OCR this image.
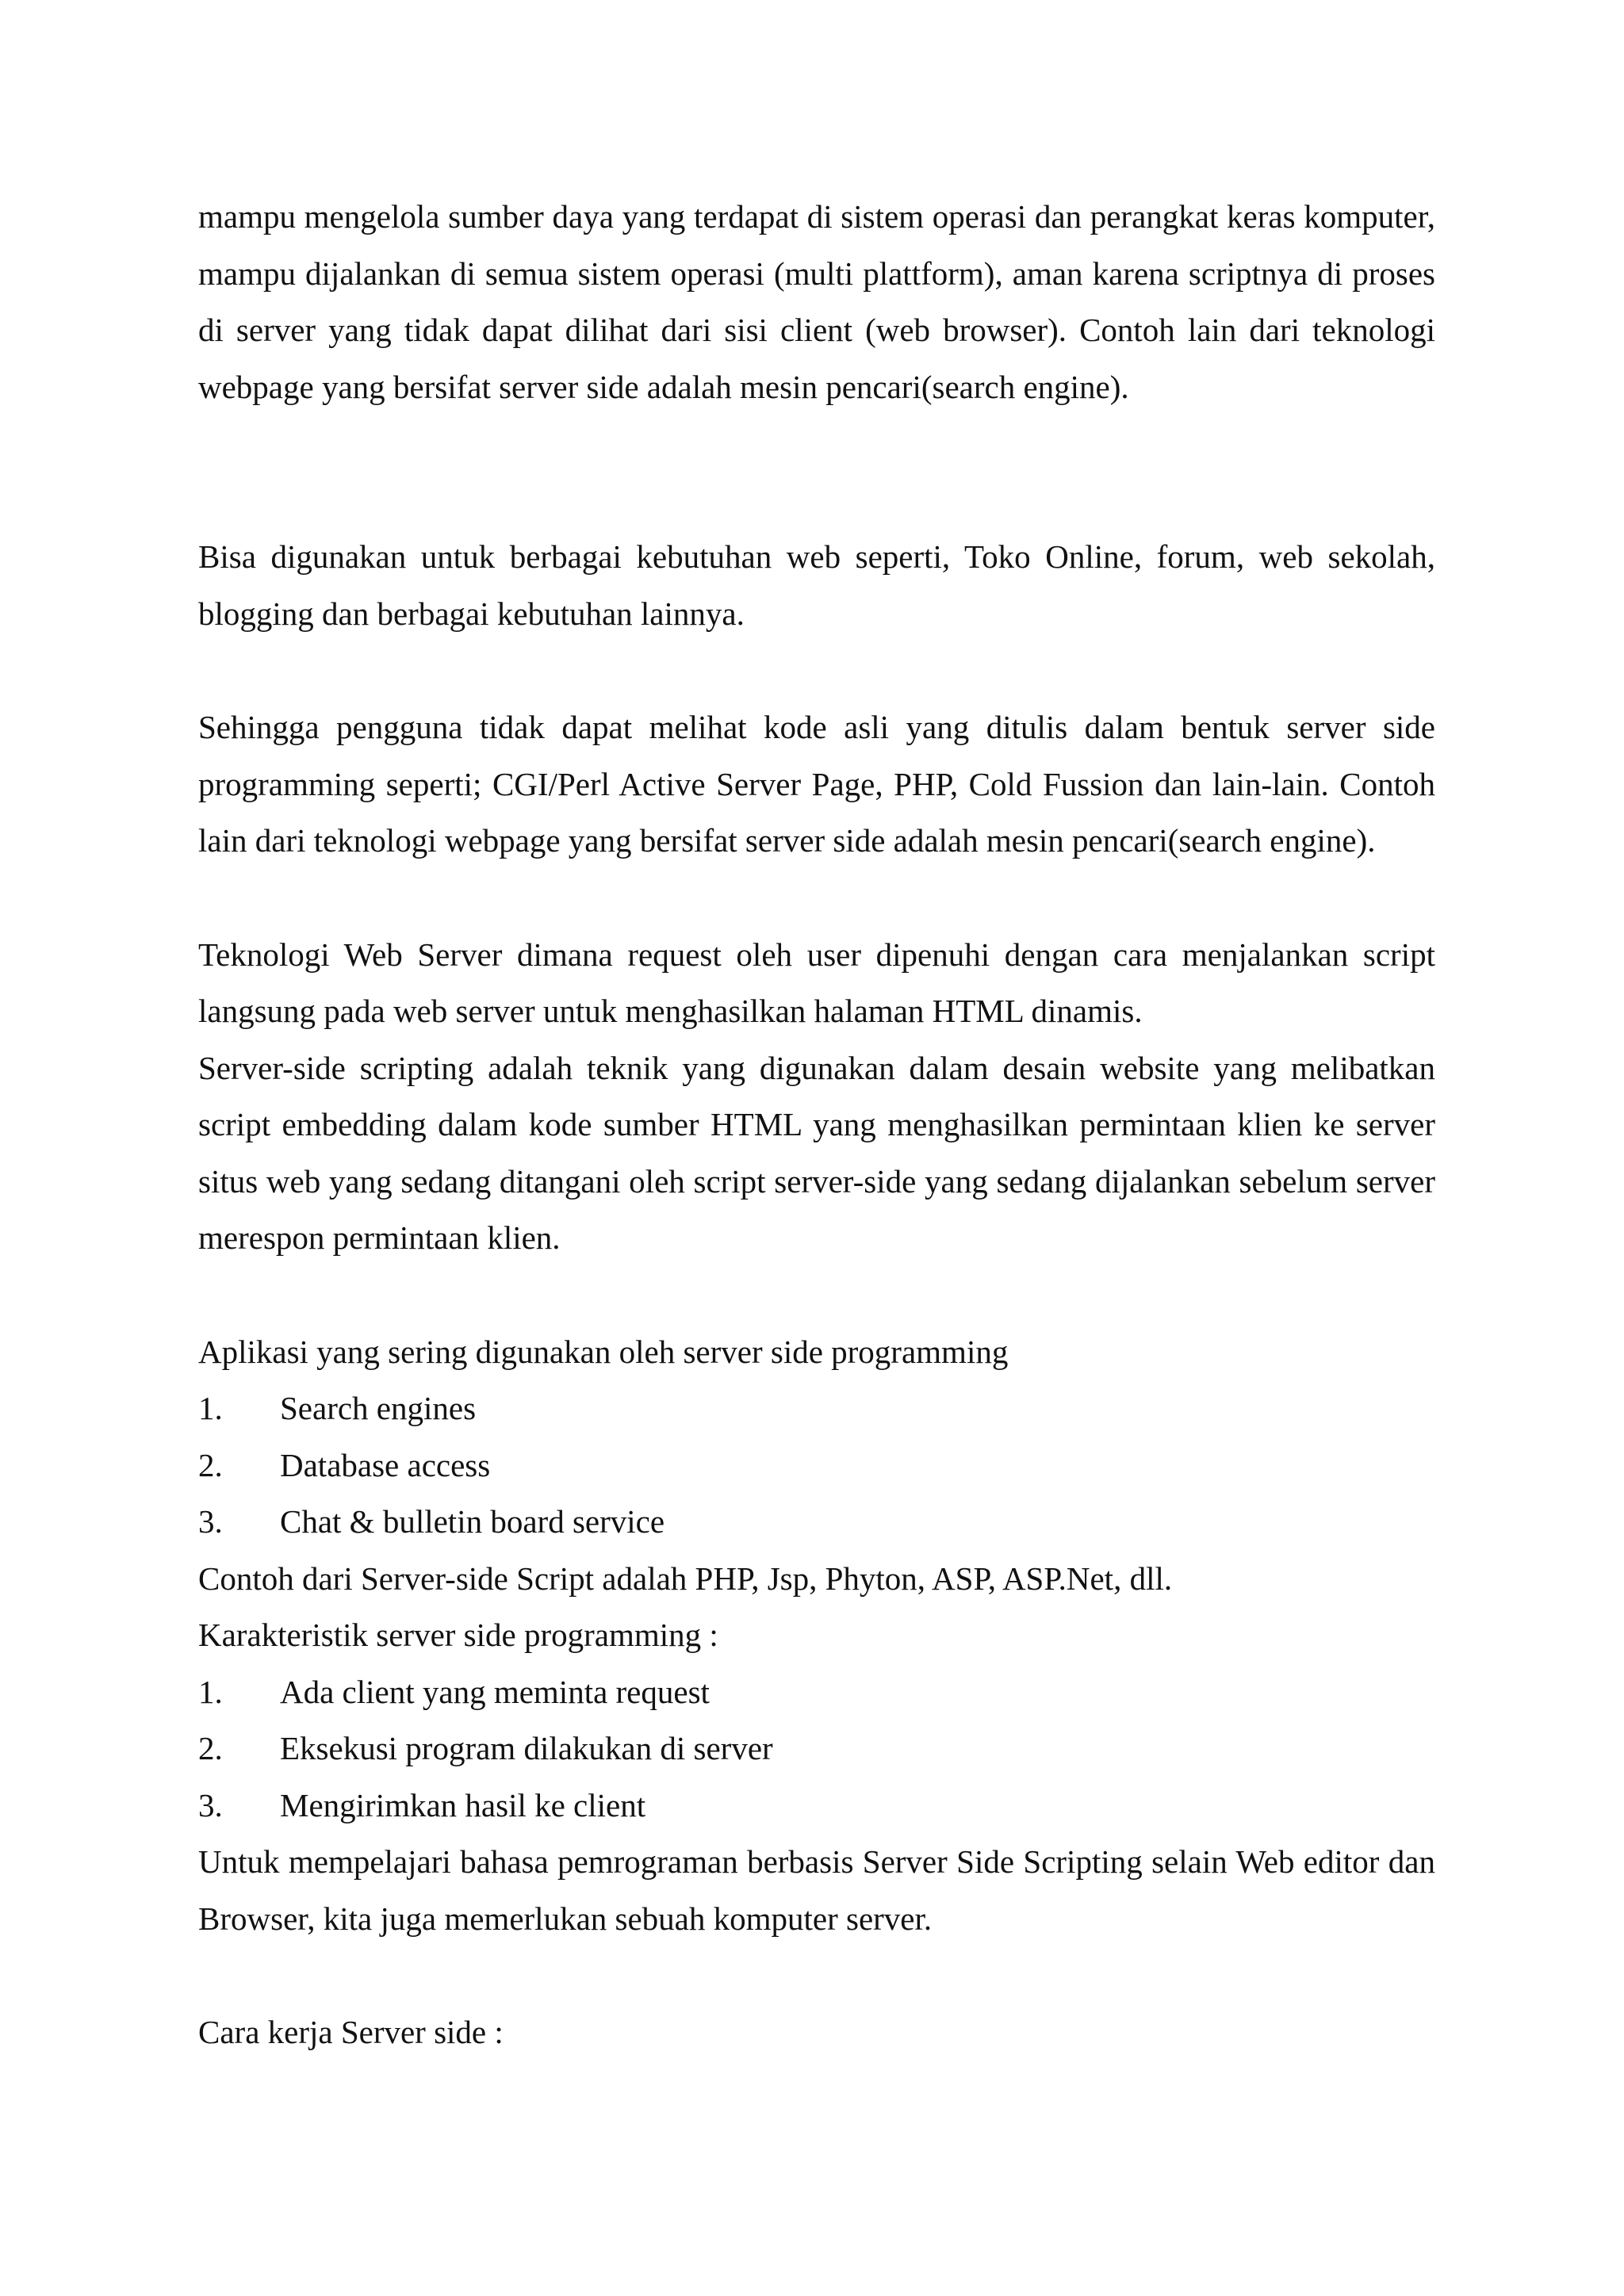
mampu mengelola sumber daya yang terdapat di sistem operasi dan perangkat keras komputer, mampu dijalankan di semua sistem operasi (multi plattform), aman karena scriptnya di proses di server yang tidak dapat dilihat dari sisi client (web browser). Contoh lain dari teknologi webpage yang bersifat server side adalah mesin pencari(search engine).

Bisa digunakan untuk berbagai kebutuhan web seperti, Toko Online, forum, web sekolah, blogging dan berbagai kebutuhan lainnya.

Sehingga pengguna tidak dapat melihat kode asli yang ditulis dalam bentuk server side programming seperti; CGI/Perl Active Server Page, PHP, Cold Fussion dan lain-lain. Contoh lain dari teknologi webpage yang bersifat server side adalah mesin pencari(search engine).

Teknologi Web Server dimana request oleh user dipenuhi dengan cara menjalankan script langsung pada web server untuk menghasilkan halaman HTML dinamis.

Server-side scripting adalah teknik yang digunakan dalam desain website yang melibatkan script embedding dalam kode sumber HTML yang menghasilkan permintaan klien ke server situs web yang sedang ditangani oleh script server-side yang sedang dijalankan sebelum server merespon permintaan klien.

Aplikasi yang sering digunakan oleh server side programming

1.	Search engines
2.	Database access
3.	Chat & bulletin board service

Contoh dari Server-side Script adalah PHP, Jsp, Phyton, ASP, ASP.Net, dll.

Karakteristik server side programming :

1.	Ada client yang meminta request
2.	Eksekusi program dilakukan di server
3.	Mengirimkan hasil ke client

Untuk mempelajari bahasa pemrograman berbasis Server Side Scripting selain Web editor dan Browser, kita juga memerlukan sebuah komputer server.

Cara kerja Server side :
